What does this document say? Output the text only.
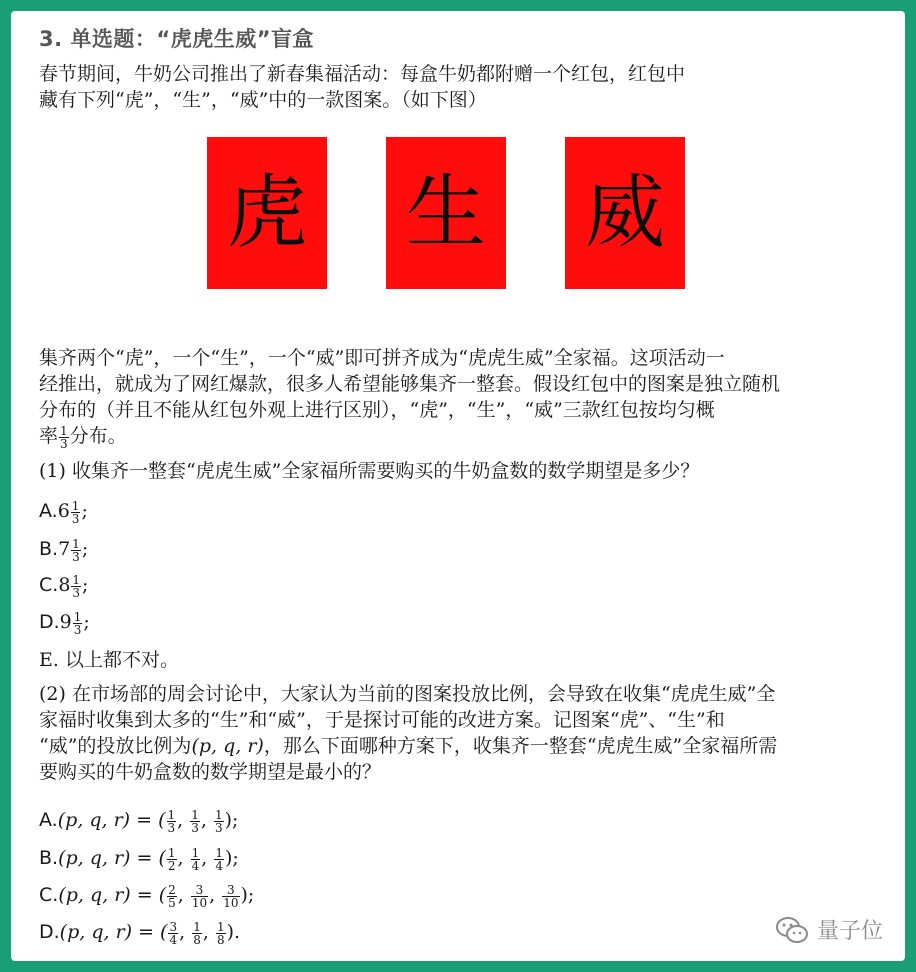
3. 单选题：“虎虎生威”盲盒

春节期间，牛奶公司推出了新春集福活动：每盒牛奶都附赠一个红包，红包中
藏有下列“虎”，“生”，“威”中的一款图案。（如下图）

虎 生 威

集齐两个“虎”，一个“生”，一个“威”即可拼齐成为“虎虎生威”全家福。这项活动一
经推出，就成为了网红爆款，很多人希望能够集齐一整套。假设红包中的图案是独立随机
分布的（并且不能从红包外观上进行区别），“虎”，“生”，“威”三款红包按均匀概
率 $\frac{1}{3}$ 分布。

(1) 收集齐一整套“虎虎生威”全家福所需要购买的牛奶盒数的数学期望是多少？

$A.6 \frac{1}{3}$ ;

$B.7 \frac{1}{3}$ ;

$C.8 \frac{1}{3}$ ;

$D.9 \frac{1}{3}$ ;

E. 以上都不对。

(2) 在市场部的周会讨论中，大家认为当前的图案投放比例，会导致在收集“虎虎生威”全
家福时收集到太多的“生”和“威”，于是探讨可能的改进方案。记图案“虎”、“生”和
“威”的投放比例为(p, q, r)，那么下面哪种方案下，收集齐一整套“虎虎生威”全家福所需
要购买的牛奶盒数的数学期望是最小的？

A.(p, q, r) = ( $\frac{1}{3}$ , $\frac{1}{3}$ , $\frac{1}{3}$ );

B.(p, q, r) = ( $\frac{1}{2}$ , $\frac{1}{4}$ , $\frac{1}{4}$ );

C.(p, q, r) = ( $\frac{2}{5}$ , $\frac{3}{10}$ , $\frac{3}{10}$ );

D.(p, q, r) = ( $\frac{3}{4}$ , $\frac{1}{8}$ , $\frac{1}{8}$ ).	量子位
